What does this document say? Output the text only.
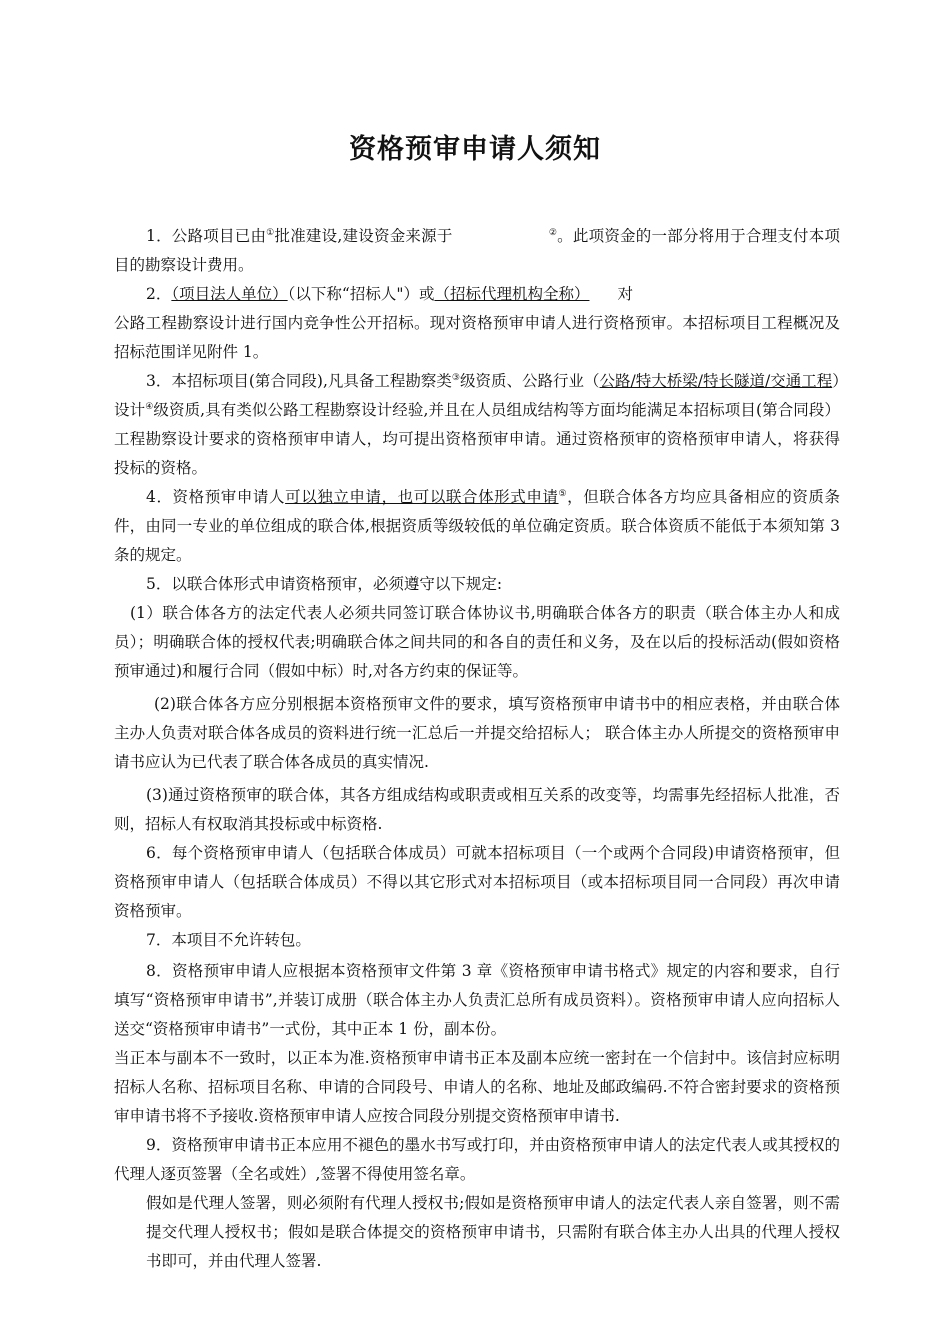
资格预审申请人须知

1．公路项目已由①批准建设,建设资金来源于	②。此项资金的一部分将用于合理支付本项目的勘察设计费用。

2．（项目法人单位）（以下称“招标人"）或（招标代理机构全称） 对

公路工程勘察设计进行国内竞争性公开招标。现对资格预审申请人进行资格预审。本招标项目工程概况及招标范围详见附件 1。

3．本招标项目(第合同段),凡具备工程勘察类③级资质、公路行业（公路/特大桥梁/特长隧道/交通工程）设计④级资质,具有类似公路工程勘察设计经验,并且在人员组成结构等方面均能满足本招标项目(第合同段）工程勘察设计要求的资格预审申请人，均可提出资格预审申请。通过资格预审的资格预审申请人，将获得投标的资格。

4．资格预审申请人可以独立申请，也可以联合体形式申请⑤，但联合体各方均应具备相应的资质条件，由同一专业的单位组成的联合体,根据资质等级较低的单位确定资质。联合体资质不能低于本须知第 3 条的规定。

5．以联合体形式申请资格预审，必须遵守以下规定:

(1）联合体各方的法定代表人必须共同签订联合体协议书,明确联合体各方的职责（联合体主办人和成员）；明确联合体的授权代表;明确联合体之间共同的和各自的责任和义务，及在以后的投标活动(假如资格预审通过)和履行合同（假如中标）时,对各方约束的保证等。

(2)联合体各方应分别根据本资格预审文件的要求，填写资格预审申请书中的相应表格，并由联合体主办人负责对联合体各成员的资料进行统一汇总后一并提交给招标人； 联合体主办人所提交的资格预审申请书应认为已代表了联合体各成员的真实情况.

(3)通过资格预审的联合体，其各方组成结构或职责或相互关系的改变等，均需事先经招标人批准，否则，招标人有权取消其投标或中标资格.

6．每个资格预审申请人（包括联合体成员）可就本招标项目（一个或两个合同段)申请资格预审，但资格预审申请人（包括联合体成员）不得以其它形式对本招标项目（或本招标项目同一合同段）再次申请资格预审。

7．本项目不允许转包。

8．资格预审申请人应根据本资格预审文件第 3 章《资格预审申请书格式》规定的内容和要求，自行填写“资格预审申请书”,并装订成册（联合体主办人负责汇总所有成员资料）。资格预审申请人应向招标人送交“资格预审申请书”一式份，其中正本 1 份，副本份。

当正本与副本不一致时，以正本为准.资格预审申请书正本及副本应统一密封在一个信封中。该信封应标明招标人名称、招标项目名称、申请的合同段号、申请人的名称、地址及邮政编码.不符合密封要求的资格预审申请书将不予接收.资格预审申请人应按合同段分别提交资格预审申请书.

9．资格预审申请书正本应用不褪色的墨水书写或打印，并由资格预审申请人的法定代表人或其授权的代理人逐页签署（全名或姓）,签署不得使用签名章。

假如是代理人签署，则必须附有代理人授权书;假如是资格预审申请人的法定代表人亲自签署，则不需提交代理人授权书；假如是联合体提交的资格预审申请书，只需附有联合体主办人出具的代理人授权书即可，并由代理人签署.
